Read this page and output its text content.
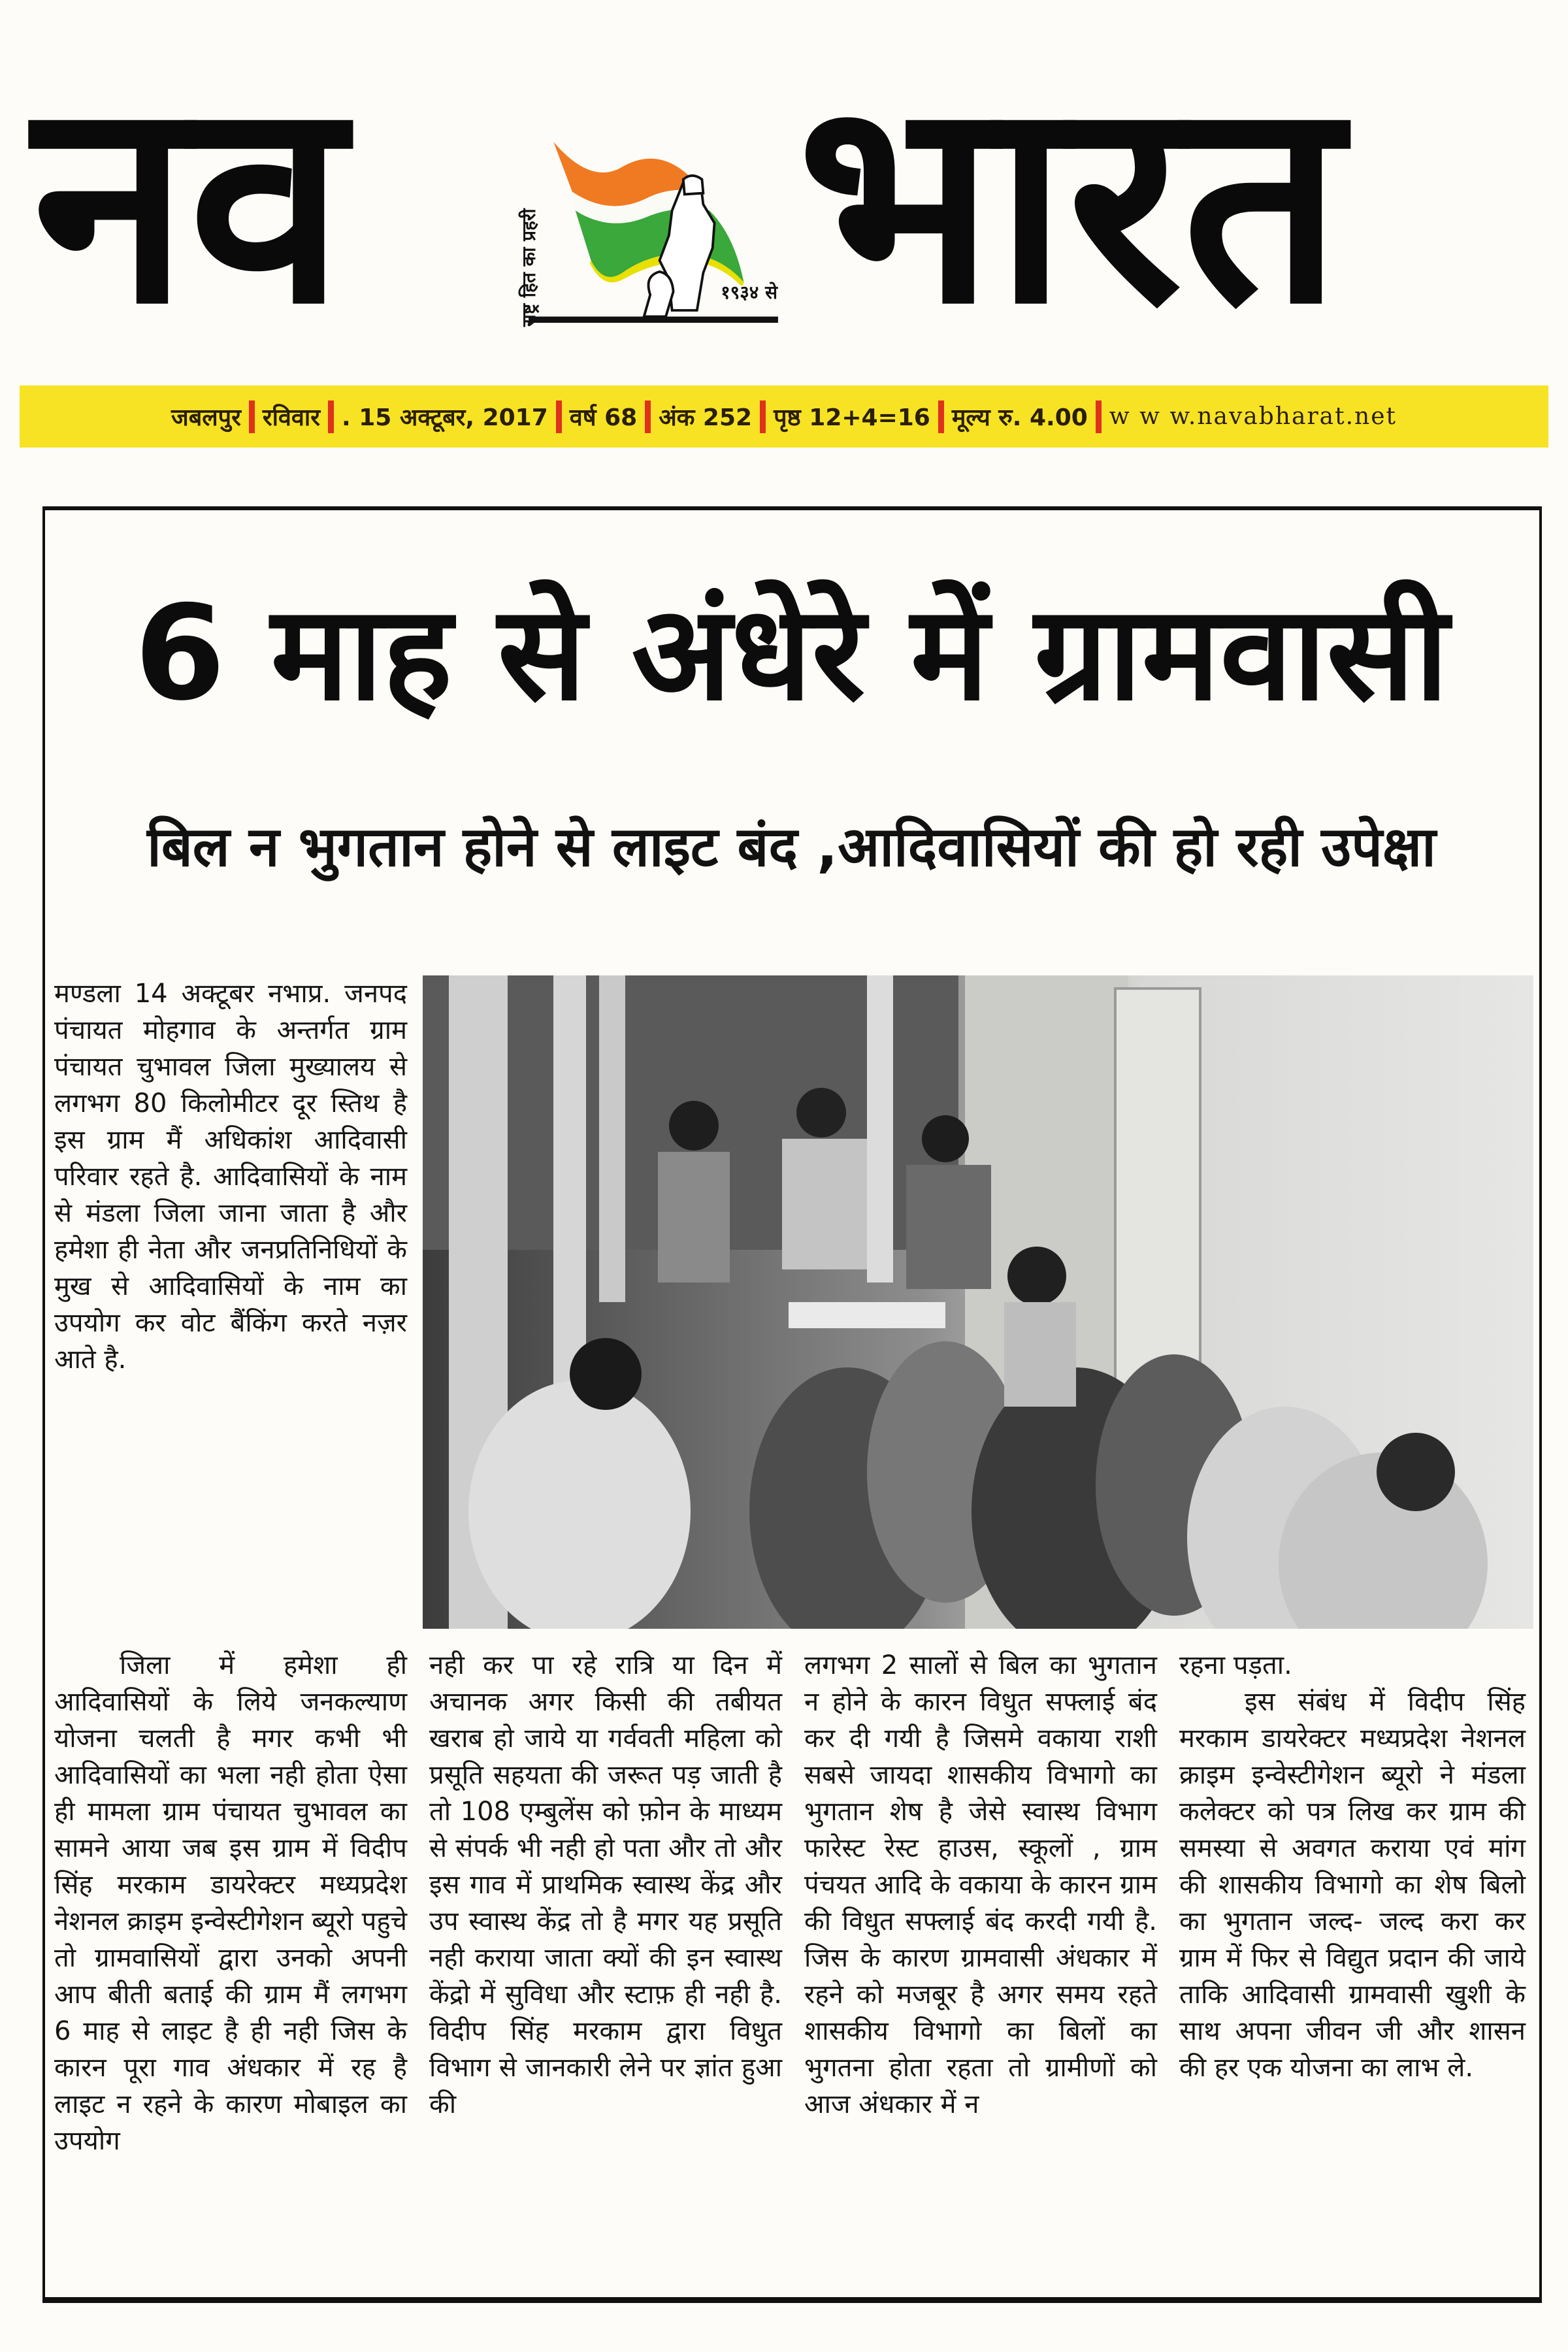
नव	राष्ट्र हित का प्रहरी	१९३४ से भारत
जबलपुर रविवार . 15 अक्टूबर, 2017 वर्ष 68 अंक 252 पृष्ठ 12+4=16 मूल्य रु. 4.00 w w w.navabharat.net
6 माह से अंधेरे में ग्रामवासी
बिल न भुगतान होने से लाइट बंद ,आदिवासियों की हो रही उपेक्षा

मण्डला 14 अक्टूबर नभाप्र. जनपद पंचायत मोहगाव के अन्तर्गत ग्राम पंचायत चुभावल जिला मुख्यालय से लगभग 80 किलोमीटर दूर स्तिथ है इस ग्राम मैं अधिकांश आदिवासी परिवार रहते है. आदिवासियों के नाम से मंडला जिला जाना जाता है और हमेशा ही नेता और जनप्रतिनिधियों के मुख से आदिवासियों के नाम का उपयोग कर वोट बैंकिंग करते नज़र आते है.

जिला में हमेशा ही आदिवासियों के लिये जनकल्याण योजना चलती है मगर कभी भी आदिवासियों का भला नही होता ऐसा ही मामला ग्राम पंचायत चुभावल का सामने आया जब इस ग्राम में विदीप सिंह मरकाम डायरेक्टर मध्यप्रदेश नेशनल क्राइम इन्वेस्टीगेशन ब्यूरो पहुचे तो ग्रामवासियों द्वारा उनको अपनी आप बीती बताई की ग्राम मैं लगभग 6 माह से लाइट है ही नही जिस के कारन पूरा गाव अंधकार में रह है लाइट न रहने के कारण मोबाइल का उपयोग

नही कर पा रहे रात्रि या दिन में अचानक अगर किसी की तबीयत खराब हो जाये या गर्ववती महिला को प्रसूति सहयता की जरूत पड़ जाती है तो 108 एम्बुलेंस को फ़ोन के माध्यम से संपर्क भी नही हो पता और तो और इस गाव में प्राथमिक स्वास्थ केंद्र और उप स्वास्थ केंद्र तो है मगर यह प्रसूति नही कराया जाता क्यों की इन स्वास्थ केंद्रो में सुविधा और स्टाफ़ ही नही है. विदीप सिंह मरकाम द्वारा विधुत विभाग से जानकारी लेने पर ज्ञांत हुआ की

लगभग 2 सालों से बिल का भुगतान न होने के कारन विधुत सफ्लाई बंद कर दी गयी है जिसमे वकाया राशी सबसे जायदा शासकीय विभागो का भुगतान शेष है जेसे स्वास्थ विभाग फारेस्ट रेस्ट हाउस, स्कूलों , ग्राम पंचयत आदि के वकाया के कारन ग्राम की विधुत सफ्लाई बंद करदी गयी है. जिस के कारण ग्रामवासी अंधकार में रहने को मजबूर है अगर समय रहते शासकीय विभागो का बिलों का भुगतना होता रहता तो ग्रामीणों को आज अंधकार में न

रहना पड़ता.

इस संबंध में विदीप सिंह मरकाम डायरेक्टर मध्यप्रदेश नेशनल क्राइम इन्वेस्टीगेशन ब्यूरो ने मंडला कलेक्टर को पत्र लिख कर ग्राम की समस्या से अवगत कराया एवं मांग की शासकीय विभागो का शेष बिलो का भुगतान जल्द- जल्द करा कर ग्राम में फिर से विद्युत प्रदान की जाये ताकि आदिवासी ग्रामवासी खुशी के साथ अपना जीवन जी और शासन की हर एक योजना का लाभ ले.
